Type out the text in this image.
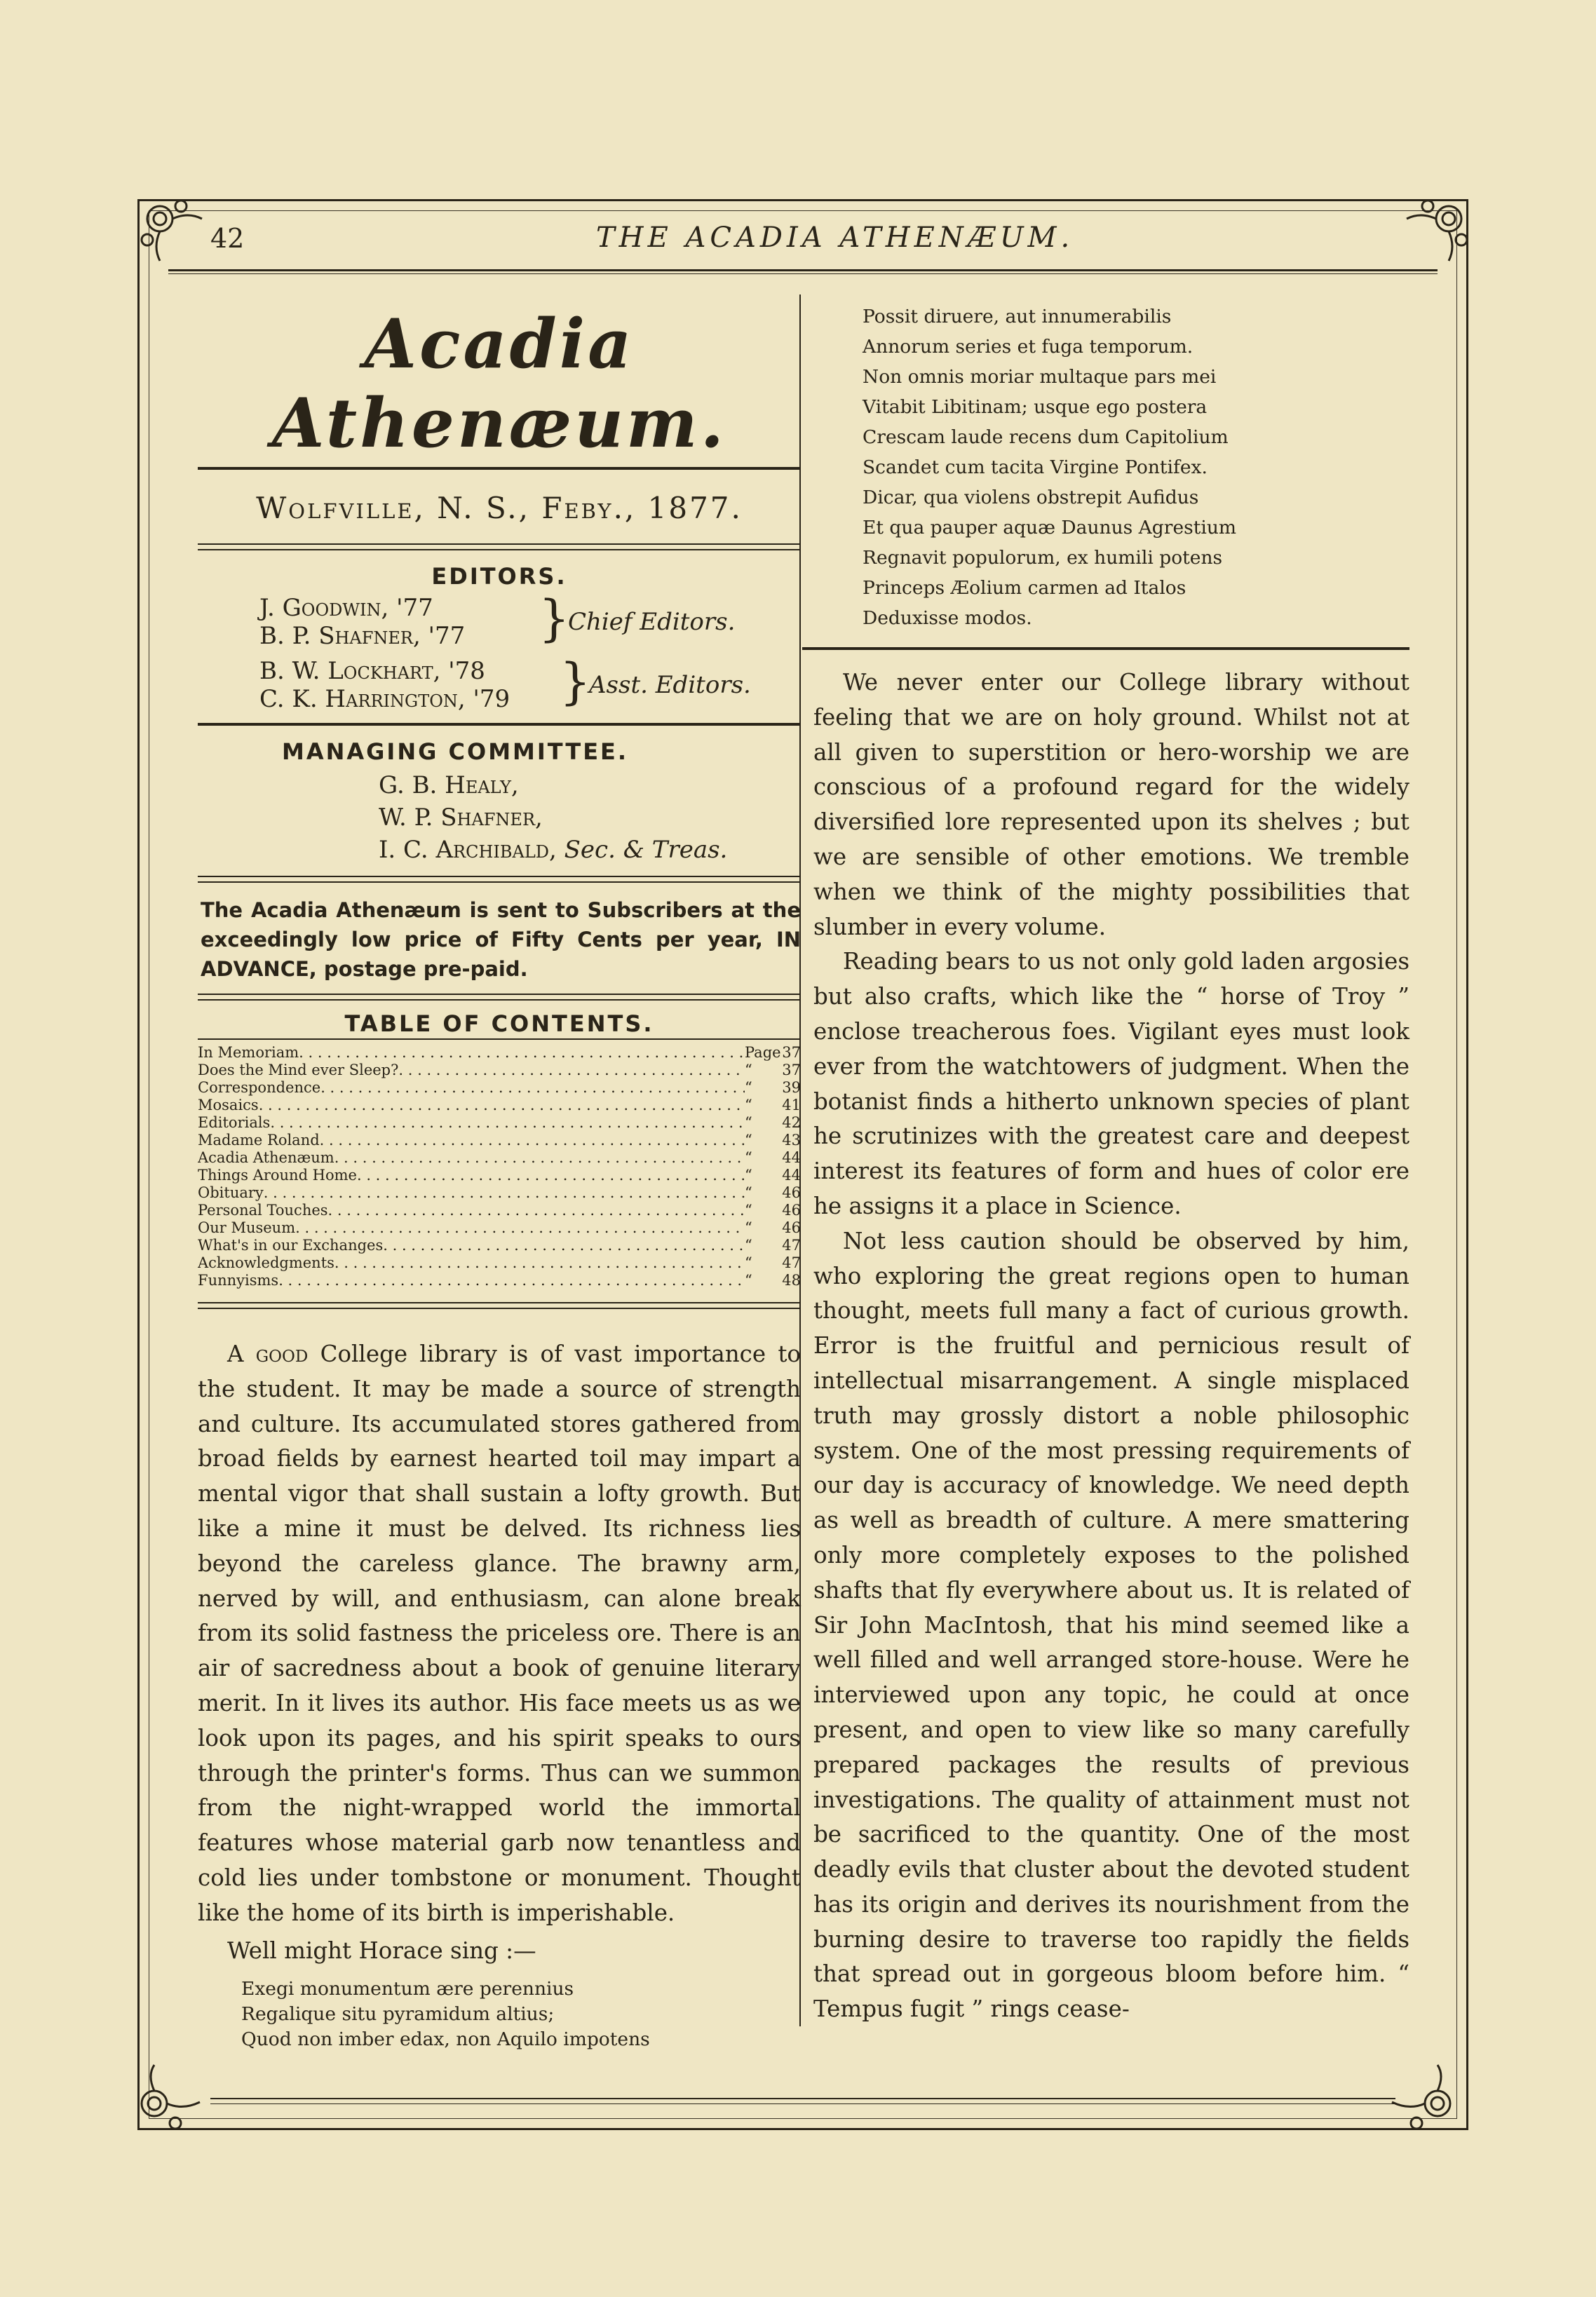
42	THE ACADIA ATHENÆUM.
Acadia Athenæum.
Wolfville, N. S., Feby., 1877.
EDITORS.
J. Goodwin, '77
B. P. Shafner, '77 }
Chief Editors.
B. W. Lockhart, '78
C. K. Harrington, '79 }
Asst. Editors.
MANAGING COMMITTEE.
G. B. Healy,
W. P. Shafner,
I. C. Archibald, Sec. & Treas.
The Acadia Athenæum is sent to Subscribers at the exceedingly low price of Fifty Cents per year, IN ADVANCE, postage pre-paid.
TABLE OF CONTENTS.
In Memoriam . . .	Page 37
Does the Mind ever Sleep? . . .	“	37
Correspondence . . .	“	39
Mosaics . . .	“	41
Editorials . . .	“	42
Madame Roland . . .	“	43
Acadia Athenæum . . .	“	44
Things Around Home . . .	“	44
Obituary . . .	“	46
Personal Touches . . .	“	46
Our Museum . . .	“	46
What's in our Exchanges . . .	“	47
Acknowledgments . . .	“	47
Funnyisms . . .	“	48

A good College library is of vast importance to the student. It may be made a source of strength and culture. Its accumulated stores gathered from broad fields by earnest hearted toil may impart a mental vigor that shall sustain a lofty growth. But like a mine it must be delved. Its richness lies beyond the careless glance. The brawny arm, nerved by will, and enthusiasm, can alone break from its solid fastness the priceless ore. There is an air of sacredness about a book of genuine literary merit. In it lives its author. His face meets us as we look upon its pages, and his spirit speaks to ours through the printer's forms. Thus can we summon from the night-wrapped world the immortal features whose material garb now tenantless and cold lies under tombstone or monument. Thought like the home of its birth is imperishable.

Well might Horace sing :—

Exegi monumentum ære perennius
Regalique situ pyramidum altius;
Quod non imber edax, non Aquilo impotens
Possit diruere, aut innumerabilis
Annorum series et fuga temporum.
Non omnis moriar multaque pars mei
Vitabit Libitinam; usque ego postera
Crescam laude recens dum Capitolium
Scandet cum tacita Virgine Pontifex.
Dicar, qua violens obstrepit Aufidus
Et qua pauper aquæ Daunus Agrestium
Regnavit populorum, ex humili potens
Princeps Æolium carmen ad Italos
Deduxisse modos.

We never enter our College library without feeling that we are on holy ground. Whilst not at all given to superstition or hero-worship we are conscious of a profound regard for the widely diversified lore represented upon its shelves ; but we are sensible of other emotions. We tremble when we think of the mighty possibilities that slumber in every volume.

Reading bears to us not only gold laden argosies but also crafts, which like the “ horse of Troy ” enclose treacherous foes. Vigilant eyes must look ever from the watchtowers of judgment. When the botanist finds a hitherto unknown species of plant he scrutinizes with the greatest care and deepest interest its features of form and hues of color ere he assigns it a place in Science.

Not less caution should be observed by him, who exploring the great regions open to human thought, meets full many a fact of curious growth. Error is the fruitful and pernicious result of intellectual misarrangement. A single misplaced truth may grossly distort a noble philosophic system. One of the most pressing requirements of our day is accuracy of knowledge. We need depth as well as breadth of culture. A mere smattering only more completely exposes to the polished shafts that fly everywhere about us. It is related of Sir John MacIntosh, that his mind seemed like a well filled and well arranged store-house. Were he interviewed upon any topic, he could at once present, and open to view like so many carefully prepared packages the results of previous investigations. The quality of attainment must not be sacrificed to the quantity. One of the most deadly evils that cluster about the devoted student has its origin and derives its nourishment from the burning desire to traverse too rapidly the fields that spread out in gorgeous bloom before him. “ Tempus fugit ” rings cease-
